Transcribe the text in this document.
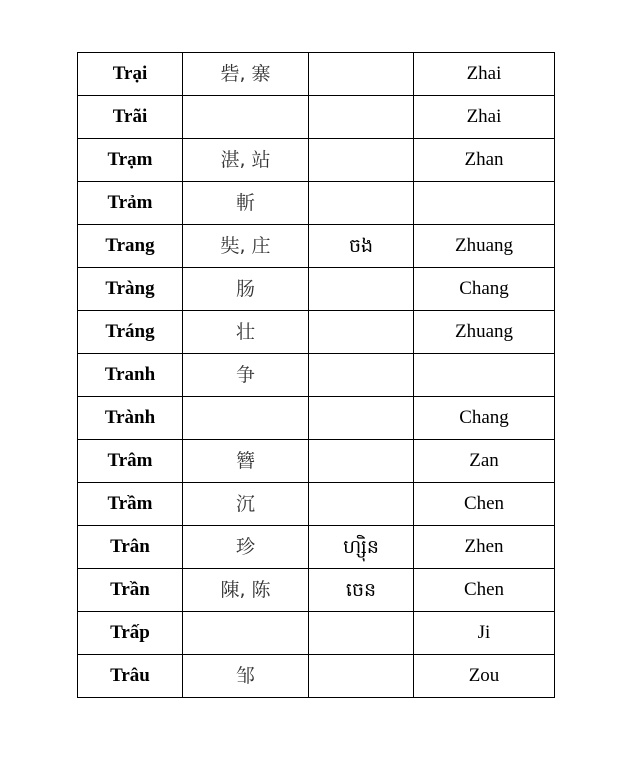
Trại	砦, 寨		Zhai
Trãi			Zhai
Trạm	湛, 站		Zhan
Trảm	斬		
Trang	奘, 庄	ចង	Zhuang
Tràng	肠		Chang
Tráng	壮		Zhuang
Tranh	争		
Trành			Chang
Trâm	簪		Zan
Trầm	沉		Chen
Trân	珍	ហ្ស៊ិន	Zhen
Trần	陳, 陈	ចេន	Chen
Trấp			Ji
Trâu	邹		Zou
